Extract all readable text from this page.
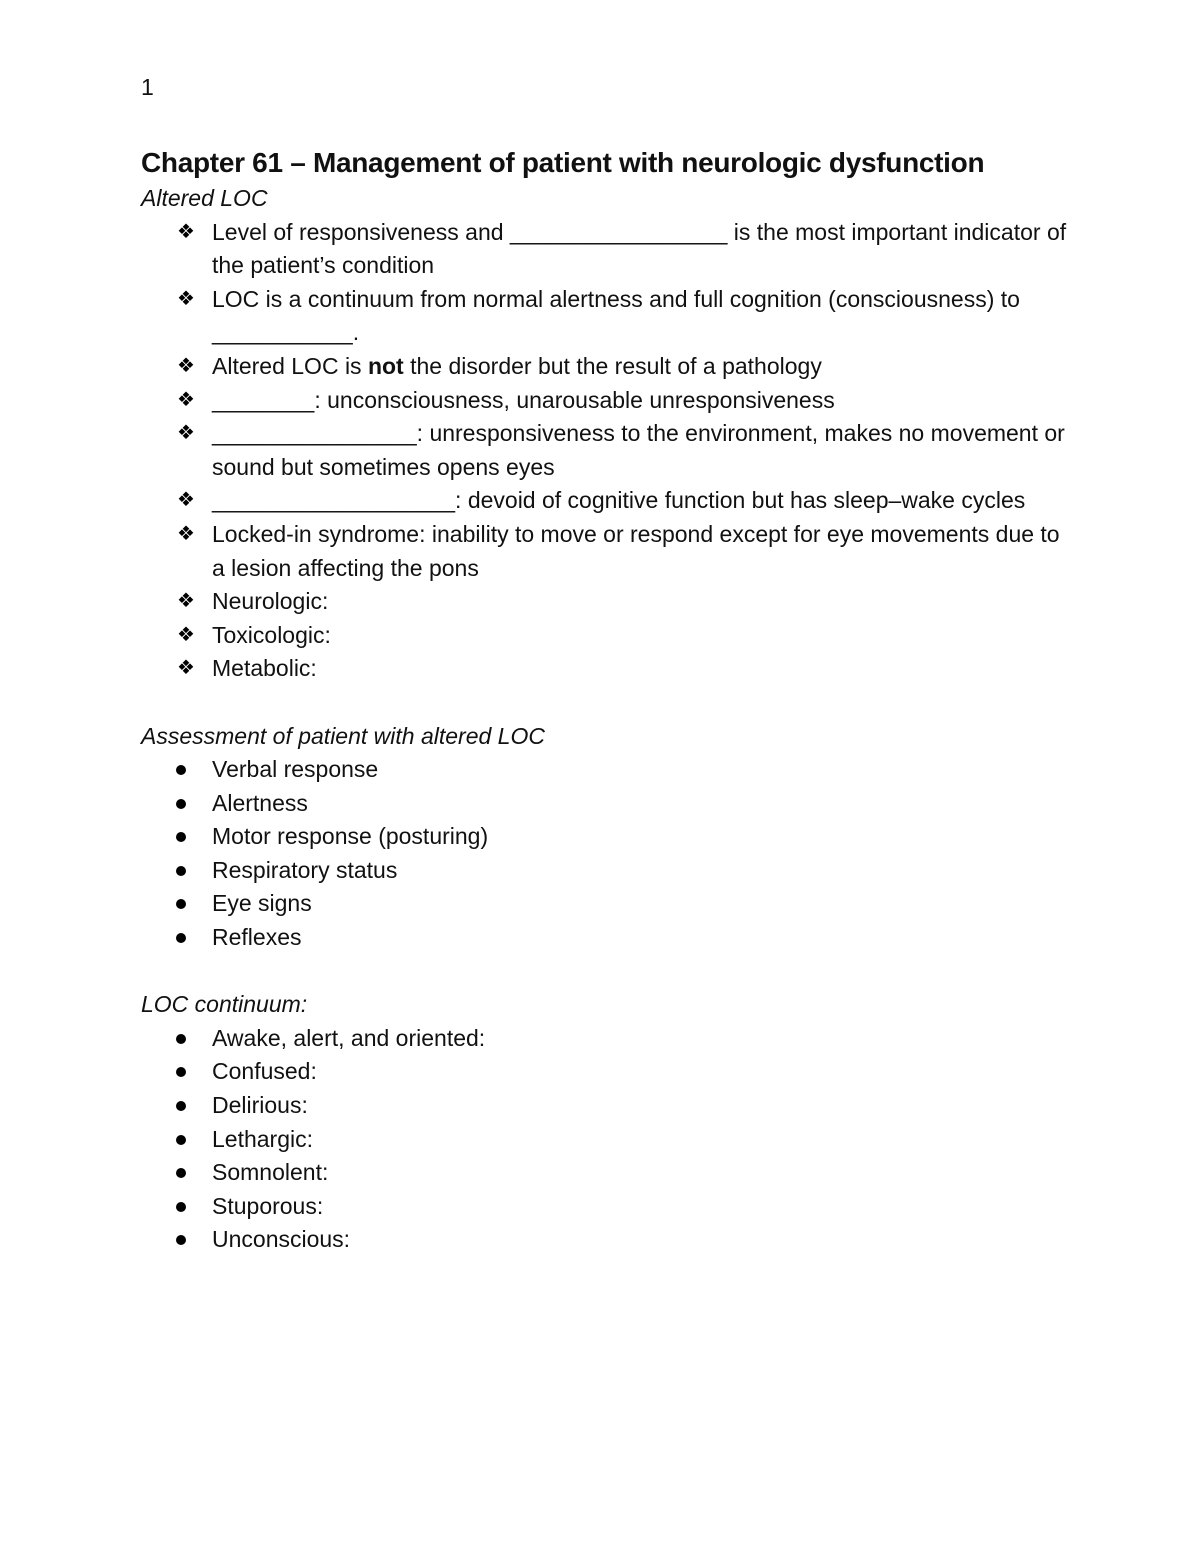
1
Chapter 61 – Management of patient with neurologic dysfunction

Altered LOC

❖ Level of responsiveness and _________________ is the most important indicator of the patient’s condition
❖ LOC is a continuum from normal alertness and full cognition (consciousness) to ___________.
❖ Altered LOC is not the disorder but the result of a pathology
❖ ________: unconsciousness, unarousable unresponsiveness
❖ ________________: unresponsiveness to the environment, makes no movement or sound but sometimes opens eyes
❖ ___________________: devoid of cognitive function but has sleep–wake cycles
❖ Locked-in syndrome: inability to move or respond except for eye movements due to a lesion affecting the pons
❖ Neurologic:
❖ Toxicologic:
❖ Metabolic:

Assessment of patient with altered LOC

Verbal response
Alertness
Motor response (posturing)
Respiratory status
Eye signs
Reflexes

LOC continuum:

Awake, alert, and oriented:
Confused:
Delirious:
Lethargic:
Somnolent:
Stuporous:
Unconscious:
